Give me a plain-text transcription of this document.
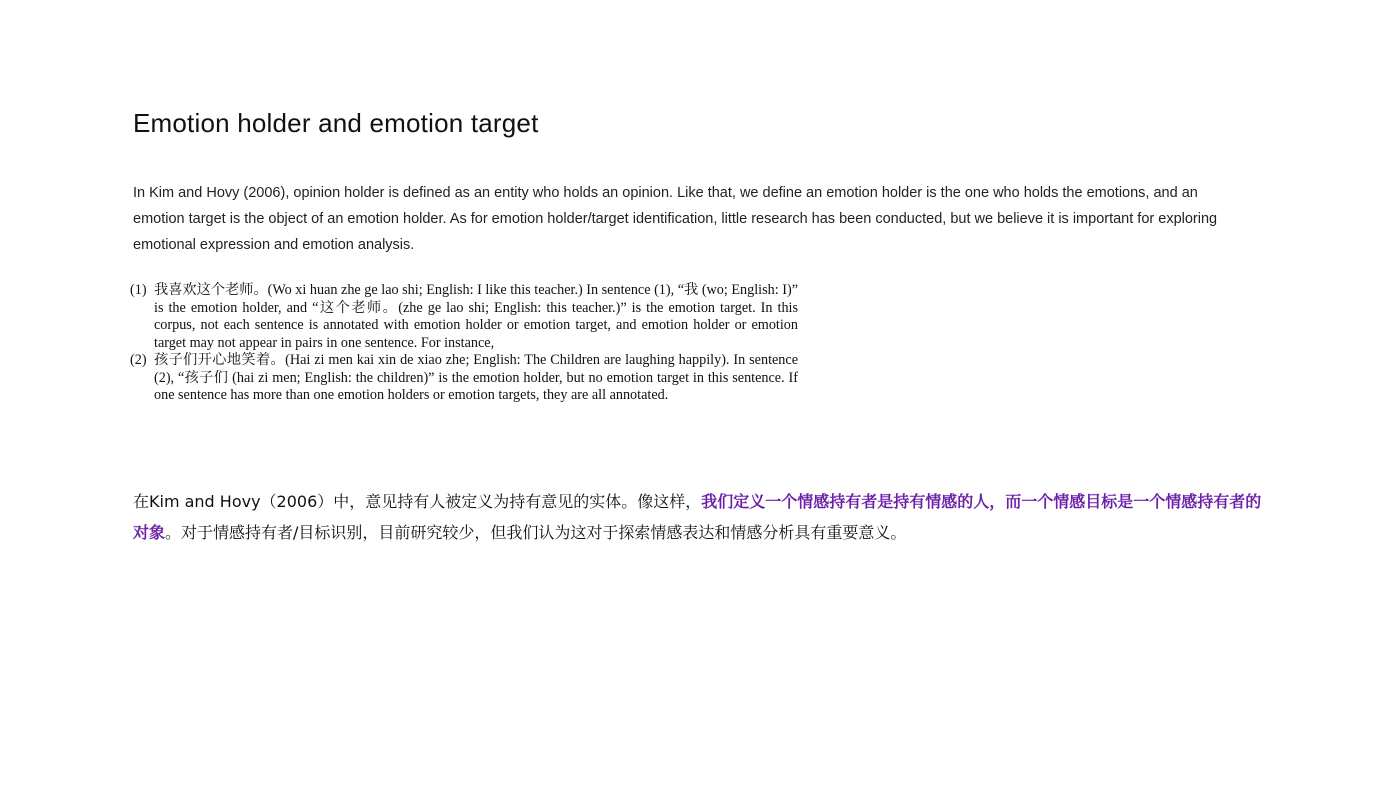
Emotion holder and emotion target

In Kim and Hovy (2006), opinion holder is defined as an entity who holds an opinion. Like that, we define an emotion holder is the one who holds the emotions, and an emotion target is the object of an emotion holder. As for emotion holder/target identification, little research has been conducted, but we believe it is important for exploring emotional expression and emotion analysis.

(1) 我喜欢这个老师。(Wo xi huan zhe ge lao shi; English: I like this teacher.) In sentence (1), “我 (wo; English: I)” is the emotion holder, and “这个老师。(zhe ge lao shi; English: this teacher.)” is the emotion target. In this corpus, not each sentence is annotated with emotion holder or emotion target, and emotion holder or emotion target may not appear in pairs in one sentence. For instance,
(2) 孩子们开心地笑着。(Hai zi men kai xin de xiao zhe; English: The Children are laughing happily). In sentence (2), “孩子们 (hai zi men; English: the children)” is the emotion holder, but no emotion target in this sentence. If one sentence has more than one emotion holders or emotion targets, they are all annotated.

在Kim and Hovy（2006）中，意见持有人被定义为持有意见的实体。像这样，我们定义一个情感持有者是持有情感的人，而一个情感目标是一个情感持有者的对象。对于情感持有者/目标识别，目前研究较少，但我们认为这对于探索情感表达和情感分析具有重要意义。
